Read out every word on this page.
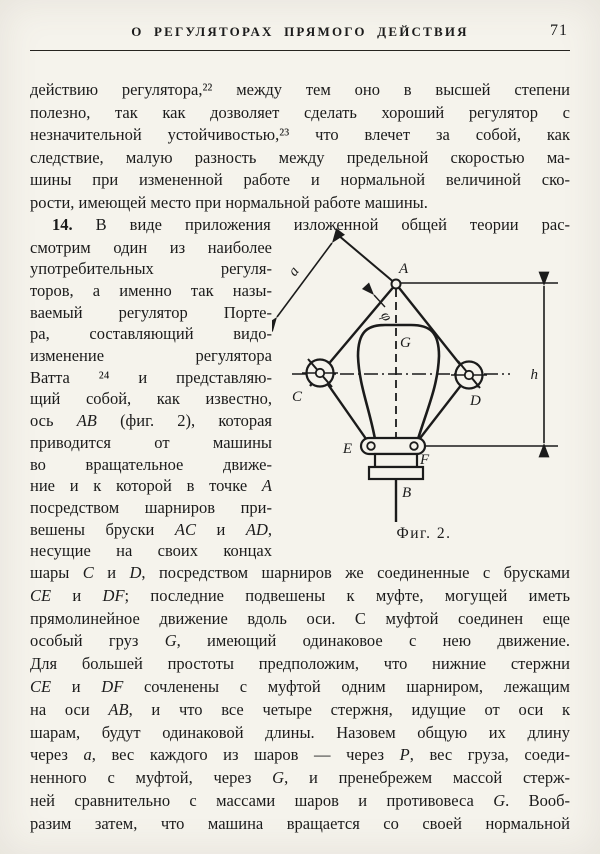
О РЕГУЛЯТОРАХ ПРЯМОГО ДЕЙСТВИЯ	71
действию регулятора,²² между тем оно в высшей степени
полезно, так как дозволяет сделать хороший регулятор с
незначительной устойчивостью,²³ что влечет за собой, как
следствие, малую разность между предельной скоростью ма-
шины при измененной работе и нормальной величиной ско-
рости, имеющей место при нормальной работе машины.
14. В виде приложения изложенной общей теории рас-
смотрим один из наиболее
употребительных регуля-
торов, а именно так назы-
ваемый регулятор Порте-
ра, составляющий видо-
изменение регулятора
Ватта ²⁴ и представляю-
щий собой, как известно,
ось AB (фиг. 2), которая
приводится от машины
во вращательное движе-
ние и к которой в точке A
посредством шарниров при-
вешены бруски AC и AD,
несущие на своих концах
h
a
G
A
φ
C	D
E
F
B
Фиг. 2.
шары C и D, посредством шарниров же соединенные с брусками
CE и DF; последние подвешены к муфте, могущей иметь
прямолинейное движение вдоль оси. С муфтой соединен еще
особый груз G, имеющий одинаковое с нею движение.
Для большей простоты предположим, что нижние стержни
CE и DF сочленены с муфтой одним шарниром, лежащим
на оси AB, и что все четыре стержня, идущие от оси к
шарам, будут одинаковой длины. Назовем общую их длину
через a, вес каждого из шаров — через P, вес груза, соеди-
ненного с муфтой, через G, и пренебрежем массой стерж-
ней сравнительно с массами шаров и противовеса G. Вооб-
разим затем, что машина вращается со своей нормальной
